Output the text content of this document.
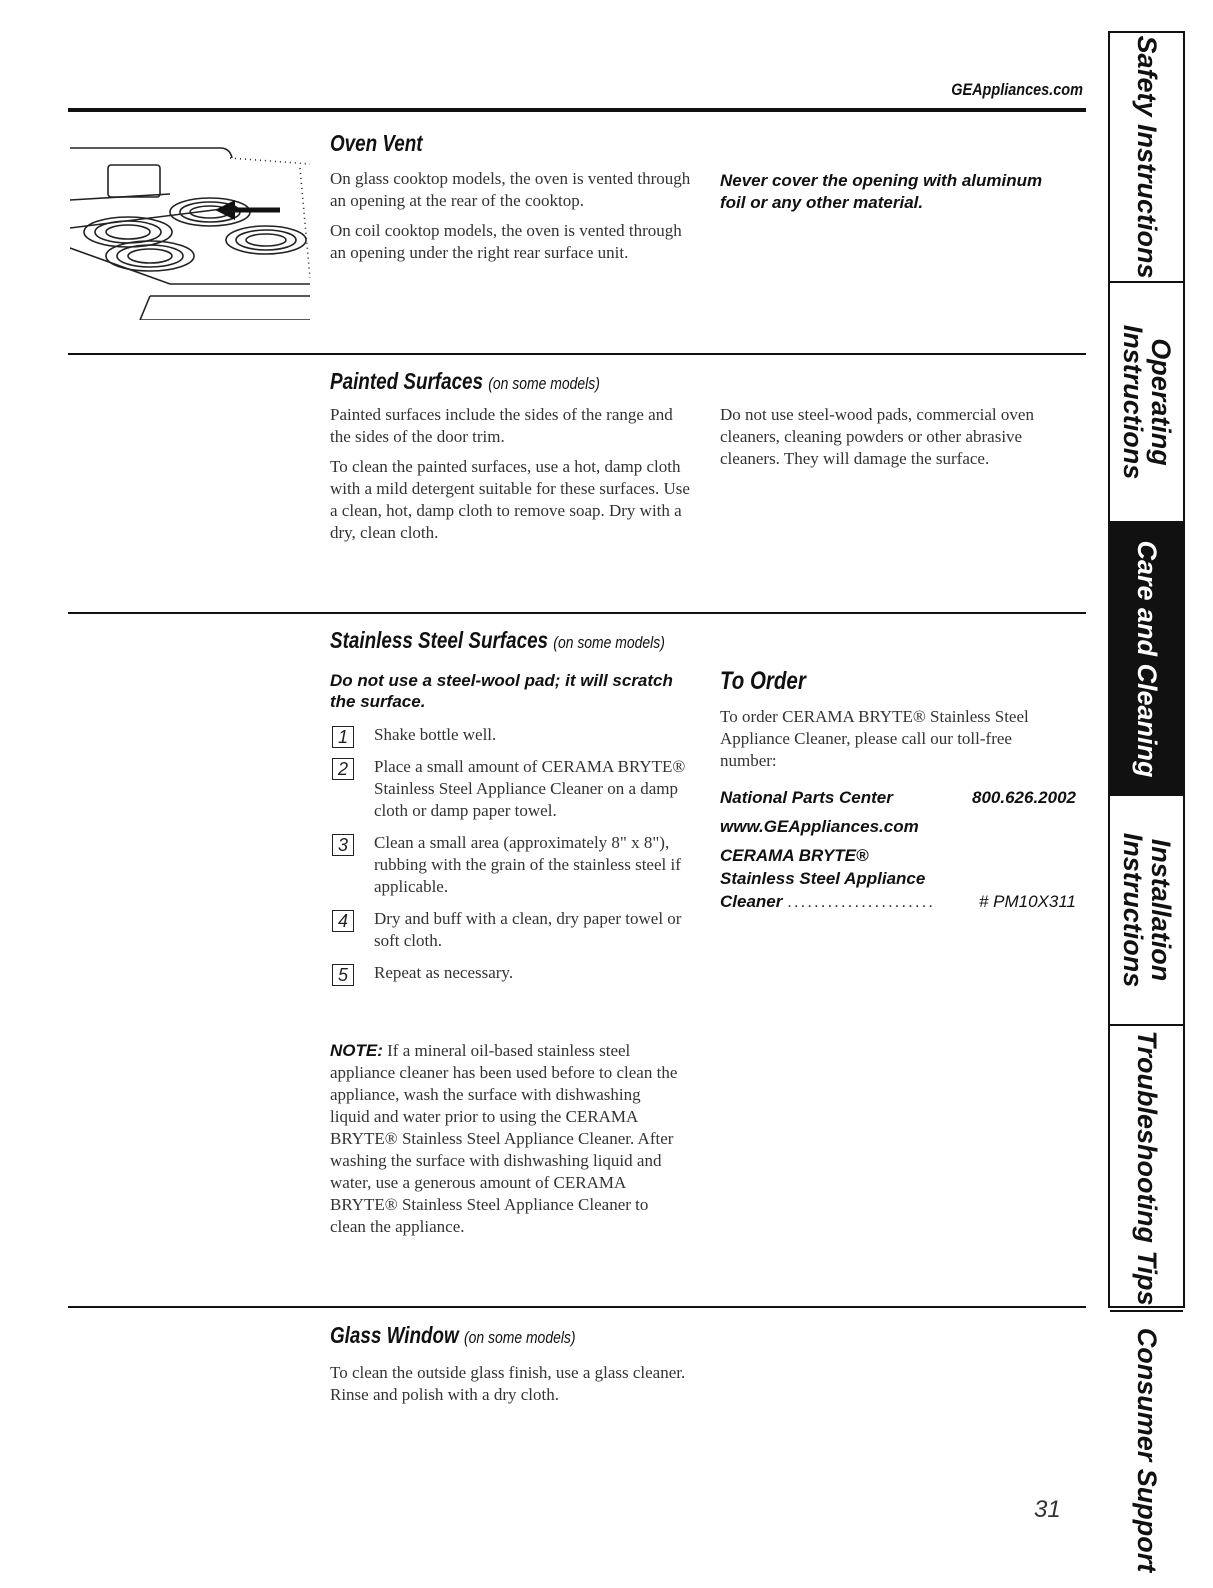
GEAppliances.com
Oven Vent

On glass cooktop models, the oven is vented through an opening at the rear of the cooktop.

On coil cooktop models, the oven is vented through an opening under the right rear surface unit.

Never cover the opening with aluminum foil or any other material.
Painted Surfaces (on some models)

Painted surfaces include the sides of the range and the sides of the door trim.

To clean the painted surfaces, use a hot, damp cloth with a mild detergent suitable for these surfaces. Use a clean, hot, damp cloth to remove soap. Dry with a dry, clean cloth.

Do not use steel-wood pads, commercial oven cleaners, cleaning powders or other abrasive cleaners. They will damage the surface.

Stainless Steel Surfaces (on some models)
Do not use a steel-wool pad; it will scratch the surface.
1	Shake bottle well.
2	Place a small amount of CERAMA BRYTE® Stainless Steel Appliance Cleaner on a damp cloth or damp paper towel.
3	Clean a small area (approximately 8" x 8"), rubbing with the grain of the stainless steel if applicable.
4	Dry and buff with a clean, dry paper towel or soft cloth.
5	Repeat as necessary.
NOTE: If a mineral oil-based stainless steel appliance cleaner has been used before to clean the appliance, wash the surface with dishwashing liquid and water prior to using the CERAMA BRYTE® Stainless Steel Appliance Cleaner. After washing the surface with dishwashing liquid and water, use a generous amount of CERAMA BRYTE® Stainless Steel Appliance Cleaner to clean the appliance.
To Order
To order CERAMA BRYTE® Stainless Steel Appliance Cleaner, please call our toll-free number:
National Parts Center	800.626.2002
www.GEAppliances.com
CERAMA BRYTE®
Stainless Steel Appliance
Cleaner ......................	# PM10X311
Glass Window (on some models)
To clean the outside glass finish, use a glass cleaner. Rinse and polish with a dry cloth.
31
Safety Instructions
Operating
Instructions
Care and Cleaning
Installation
Instructions
Troubleshooting Tips
Consumer Support
